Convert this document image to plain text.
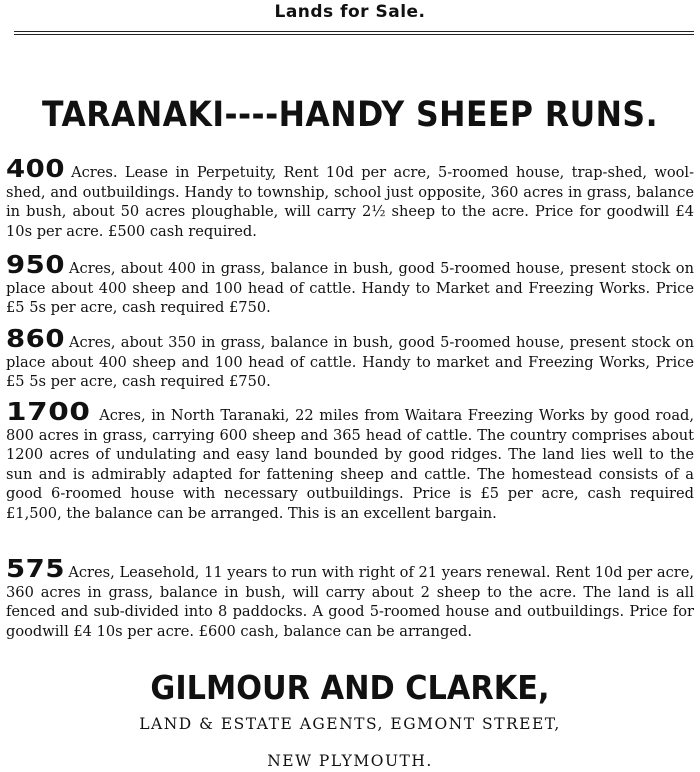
Lands for Sale.
TARANAKI----HANDY SHEEP RUNS.
400 Acres. Lease in Perpetuity, Rent 10d per acre, 5-roomed house, trap-shed, wool-shed, and outbuildings. Handy to township, school just opposite, 360 acres in grass, balance in bush, about 50 acres ploughable, will carry 2½ sheep to the acre. Price for goodwill £4 10s per acre. £500 cash required.
950 Acres, about 400 in grass, balance in bush, good 5-roomed house, present stock on place about 400 sheep and 100 head of cattle. Handy to Market and Freezing Works. Price £5 5s per acre, cash required £750.
860 Acres, about 350 in grass, balance in bush, good 5-roomed house, present stock on place about 400 sheep and 100 head of cattle. Handy to market and Freezing Works, Price £5 5s per acre, cash required £750.
1700 Acres, in North Taranaki, 22 miles from Waitara Freezing Works by good road, 800 acres in grass, carrying 600 sheep and 365 head of cattle. The country comprises about 1200 acres of undulating and easy land bounded by good ridges. The land lies well to the sun and is admirably adapted for fattening sheep and cattle. The homestead consists of a good 6-roomed house with necessary outbuildings. Price is £5 per acre, cash required £1,500, the balance can be arranged. This is an excellent bargain.
575 Acres, Leasehold, 11 years to run with right of 21 years renewal. Rent 10d per acre, 360 acres in grass, balance in bush, will carry about 2 sheep to the acre. The land is all fenced and sub-divided into 8 paddocks. A good 5-roomed house and outbuildings. Price for goodwill £4 10s per acre. £600 cash, balance can be arranged.
GILMOUR AND CLARKE,
LAND & ESTATE AGENTS, EGMONT STREET,
NEW PLYMOUTH.
